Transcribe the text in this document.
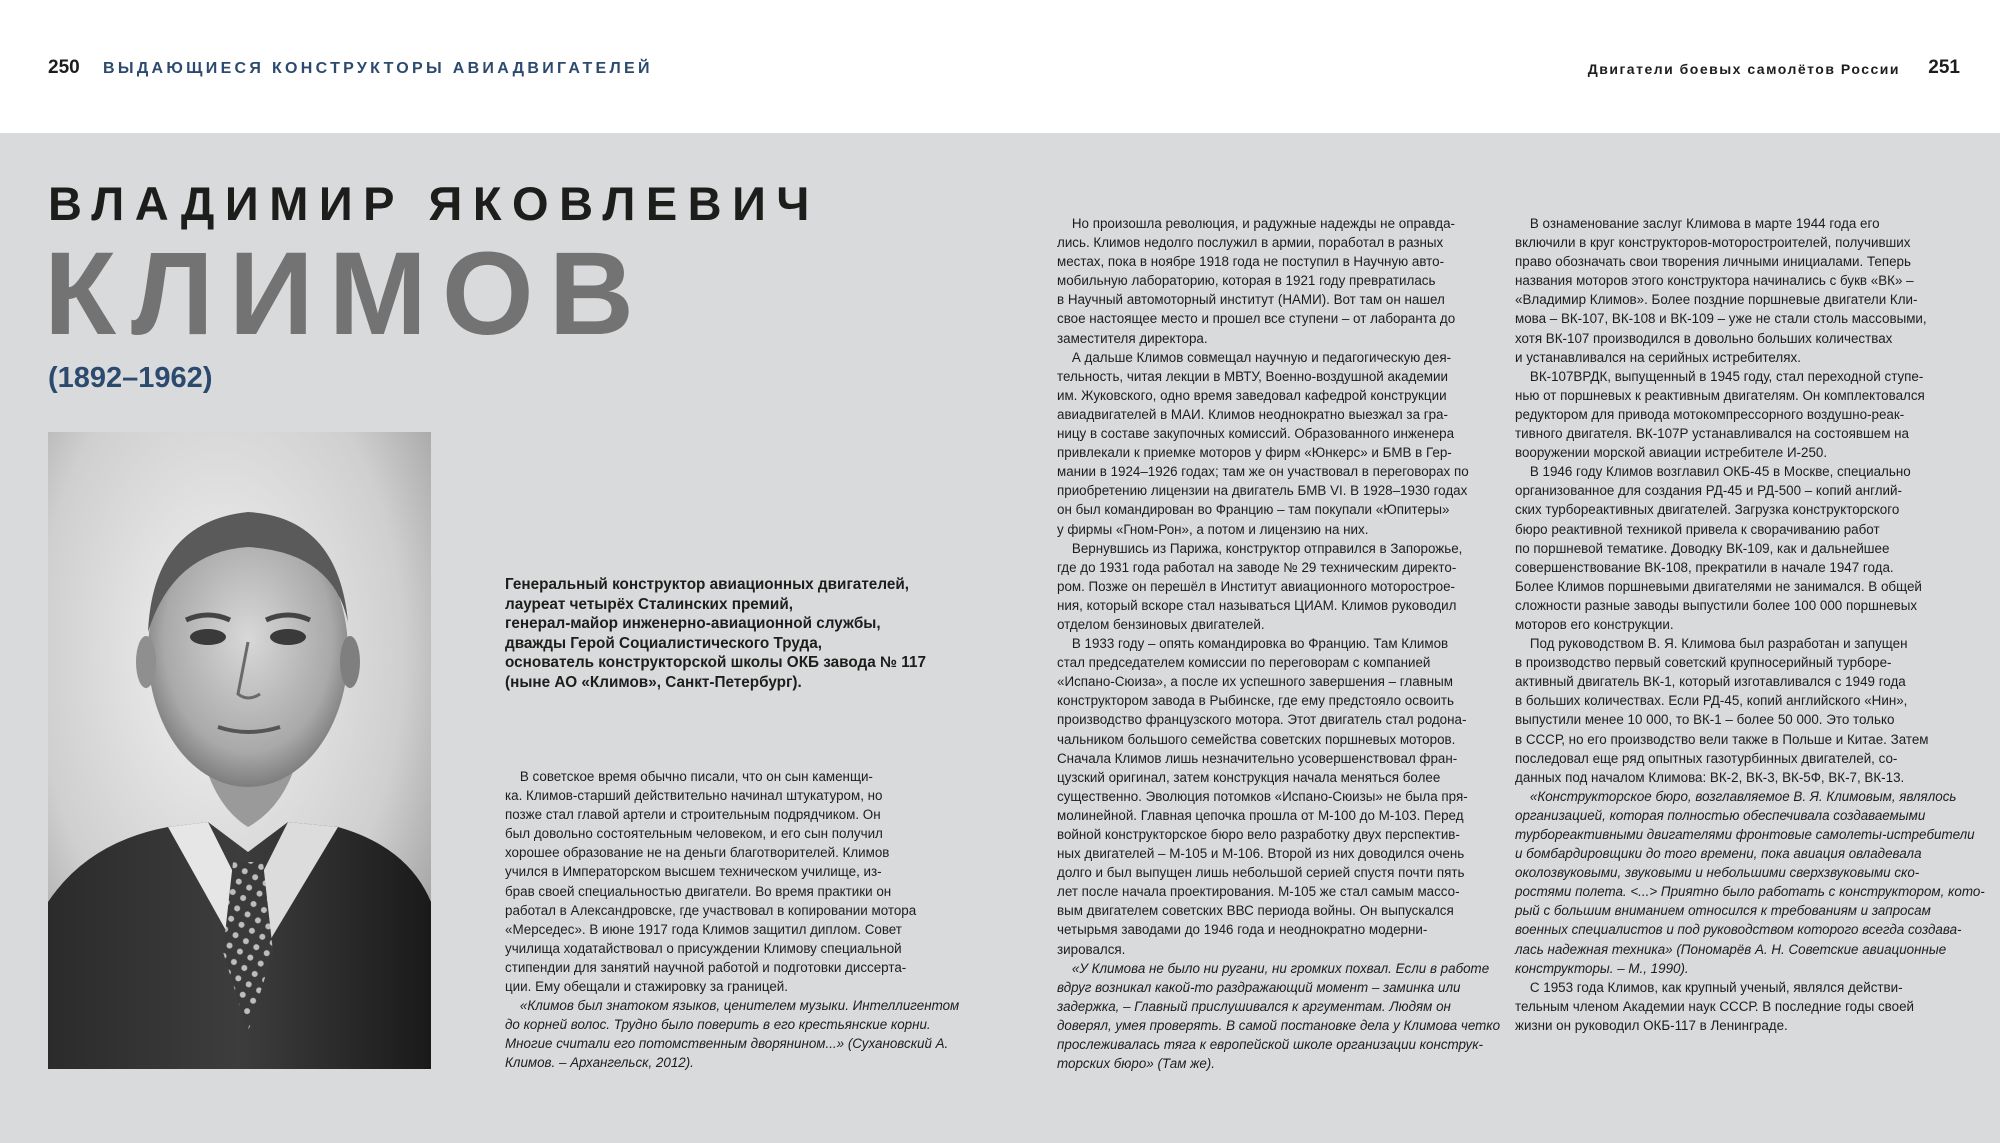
250 ВЫДАЮЩИЕСЯ КОНСТРУКТОРЫ АВИАДВИГАТЕЛЕЙ	Двигатели боевых самолётов России 251
ВЛАДИМИР ЯКОВЛЕВИЧ
КЛИМОВ
(1892–1962)

Генеральный конструктор авиационных двигателей,

лауреат четырёх Сталинских премий,

генерал-майор инженерно-авиационной службы,

дважды Герой Социалистического Труда,

основатель конструкторской школы ОКБ завода № 117

(ныне АО «Климов», Санкт-Петербург).

В советское время обычно писали, что он сын каменщи-

ка. Климов-старший действительно начинал штукатуром, но

позже стал главой артели и строительным подрядчиком. Он

был довольно состоятельным человеком, и его сын получил

хорошее образование не на деньги благотворителей. Климов

учился в Императорском высшем техническом училище, из-

брав своей специальностью двигатели. Во время практики он

работал в Александровске, где участвовал в копировании мотора

«Мерседес». В июне 1917 года Климов защитил диплом. Совет

училища ходатайствовал о присуждении Климову специальной

стипендии для занятий научной работой и подготовки диссерта-

ции. Ему обещали и стажировку за границей.

«Климов был знатоком языков, ценителем музыки. Интеллигентом

до корней волос. Трудно было поверить в его крестьянские корни.

Многие считали его потомственным дворянином...» (Сухановский А.

Климов. – Архангельск, 2012).

Но произошла революция, и радужные надежды не оправда-

лись. Климов недолго послужил в армии, поработал в разных

местах, пока в ноябре 1918 года не поступил в Научную авто-

мобильную лабораторию, которая в 1921 году превратилась

в Научный автомоторный институт (НАМИ). Вот там он нашел

свое настоящее место и прошел все ступени – от лаборанта до

заместителя директора.

А дальше Климов совмещал научную и педагогическую дея-

тельность, читая лекции в МВТУ, Военно-воздушной академии

им. Жуковского, одно время заведовал кафедрой конструкции

авиадвигателей в МАИ. Климов неоднократно выезжал за гра-

ницу в составе закупочных комиссий. Образованного инженера

привлекали к приемке моторов у фирм «Юнкерс» и БМВ в Гер-

мании в 1924–1926 годах; там же он участвовал в переговорах по

приобретению лицензии на двигатель БМВ VI. В 1928–1930 годах

он был командирован во Францию – там покупали «Юпитеры»

у фирмы «Гном-Рон», а потом и лицензию на них.

Вернувшись из Парижа, конструктор отправился в Запорожье,

где до 1931 года работал на заводе № 29 техническим директо-

ром. Позже он перешёл в Институт авиационного моторострое-

ния, который вскоре стал называться ЦИАМ. Климов руководил

отделом бензиновых двигателей.

В 1933 году – опять командировка во Францию. Там Климов

стал председателем комиссии по переговорам с компанией

«Испано-Сюиза», а после их успешного завершения – главным

конструктором завода в Рыбинске, где ему предстояло освоить

производство французского мотора. Этот двигатель стал родона-

чальником большого семейства советских поршневых моторов.

Сначала Климов лишь незначительно усовершенствовал фран-

цузский оригинал, затем конструкция начала меняться более

существенно. Эволюция потомков «Испано-Сюизы» не была пря-

молинейной. Главная цепочка прошла от М-100 до М-103. Перед

войной конструкторское бюро вело разработку двух перспектив-

ных двигателей – М-105 и М-106. Второй из них доводился очень

долго и был выпущен лишь небольшой серией спустя почти пять

лет после начала проектирования. М-105 же стал самым массо-

вым двигателем советских ВВС периода войны. Он выпускался

четырьмя заводами до 1946 года и неоднократно модерни-

зировался.

«У Климова не было ни ругани, ни громких похвал. Если в работе

вдруг возникал какой-то раздражающий момент – заминка или

задержка, – Главный прислушивался к аргументам. Людям он

доверял, умея проверять. В самой постановке дела у Климова четко

прослеживалась тяга к европейской школе организации конструк-

торских бюро» (Там же).

В ознаменование заслуг Климова в марте 1944 года его

включили в круг конструкторов-моторостроителей, получивших

право обозначать свои творения личными инициалами. Теперь

названия моторов этого конструктора начинались с букв «ВК» –

«Владимир Климов». Более поздние поршневые двигатели Кли-

мова – ВК-107, ВК-108 и ВК-109 – уже не стали столь массовыми,

хотя ВК-107 производился в довольно больших количествах

и устанавливался на серийных истребителях.

ВК-107ВРДК, выпущенный в 1945 году, стал переходной ступе-

нью от поршневых к реактивным двигателям. Он комплектовался

редуктором для привода мотокомпрессорного воздушно-реак-

тивного двигателя. ВК-107Р устанавливался на состоявшем на

вооружении морской авиации истребителе И-250.

В 1946 году Климов возглавил ОКБ-45 в Москве, специально

организованное для создания РД-45 и РД-500 – копий англий-

ских турбореактивных двигателей. Загрузка конструкторского

бюро реактивной техникой привела к сворачиванию работ

по поршневой тематике. Доводку ВК-109, как и дальнейшее

совершенствование ВК-108, прекратили в начале 1947 года.

Более Климов поршневыми двигателями не занимался. В общей

сложности разные заводы выпустили более 100 000 поршневых

моторов его конструкции.

Под руководством В. Я. Климова был разработан и запущен

в производство первый советский крупносерийный турборе-

активный двигатель ВК-1, который изготавливался с 1949 года

в больших количествах. Если РД-45, копий английского «Нин»,

выпустили менее 10 000, то ВК-1 – более 50 000. Это только

в СССР, но его производство вели также в Польше и Китае. Затем

последовал еще ряд опытных газотурбинных двигателей, со-

данных под началом Климова: ВК-2, ВК-3, ВК-5Ф, ВК-7, ВК-13.

«Конструкторское бюро, возглавляемое В. Я. Климовым, являлось

организацией, которая полностью обеспечивала создаваемыми

турбореактивными двигателями фронтовые самолеты-истребители

и бомбардировщики до того времени, пока авиация овладевала

околозвуковыми, звуковыми и небольшими сверхзвуковыми ско-

ростями полета. <...> Приятно было работать с конструктором, кото-

рый с большим вниманием относился к требованиям и запросам

военных специалистов и под руководством которого всегда создава-

лась надежная техника» (Пономарёв А. Н. Советские авиационные

конструкторы. – М., 1990).

С 1953 года Климов, как крупный ученый, являлся действи-

тельным членом Академии наук СССР. В последние годы своей

жизни он руководил ОКБ-117 в Ленинграде.
